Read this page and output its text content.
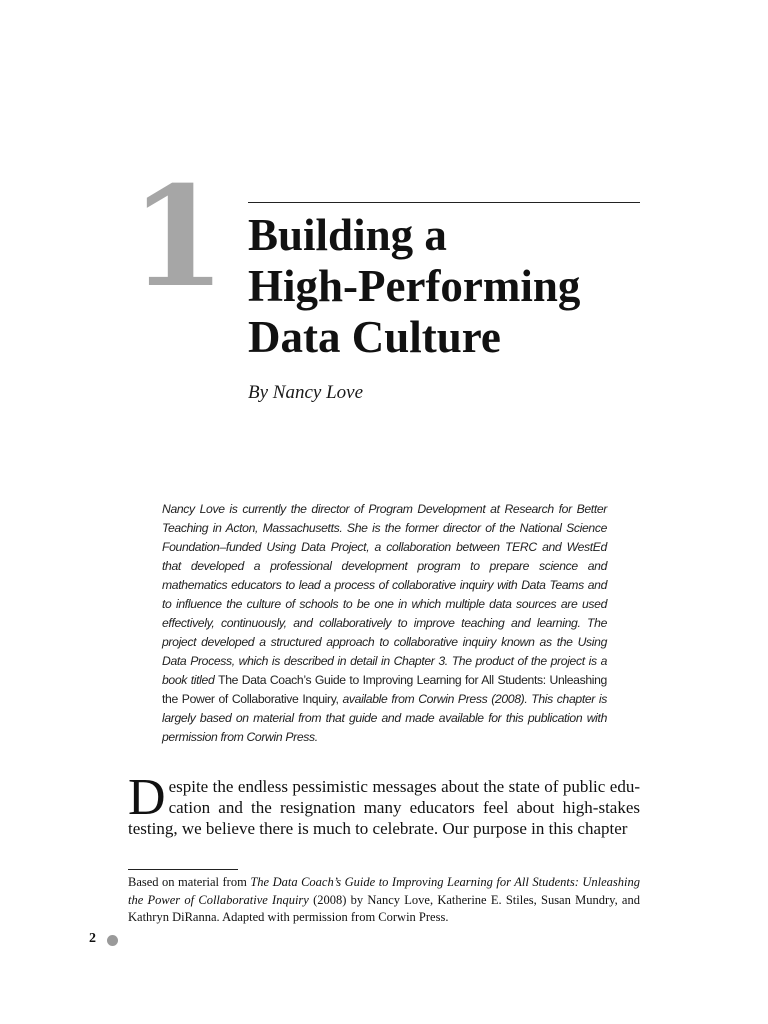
1 Building a
High-Performing
Data Culture
By Nancy Love

Nancy Love is currently the director of Program Development at Research for Better Teaching in Acton, Massachusetts. She is the former director of the National Science Foundation–funded Using Data Project, a collaboration between TERC and WestEd that developed a professional development program to prepare science and mathematics educators to lead a process of collaborative inquiry with Data Teams and to influence the culture of schools to be one in which multiple data sources are used effectively, continuously, and collaboratively to improve teaching and learning. The project developed a structured approach to collaborative inquiry known as the Using Data Process, which is described in detail in Chapter 3. The product of the project is a book titled The Data Coach’s Guide to Improving Learning for All Students: Unleashing the Power of Collaborative Inquiry, available from Corwin Press (2008). This chapter is largely based on material from that guide and made available for this publication with permission from Corwin Press.

Despite the endless pessimistic messages about the state of public edu-cation and the resignation many educators feel about high-stakes testing, we believe there is much to celebrate. Our purpose in this chapter

Based on material from The Data Coach’s Guide to Improving Learning for All Students: Unleashing the Power of Collaborative Inquiry (2008) by Nancy Love, Katherine E. Stiles, Susan Mundry, and Kathryn DiRanna. Adapted with permission from Corwin Press.

2
